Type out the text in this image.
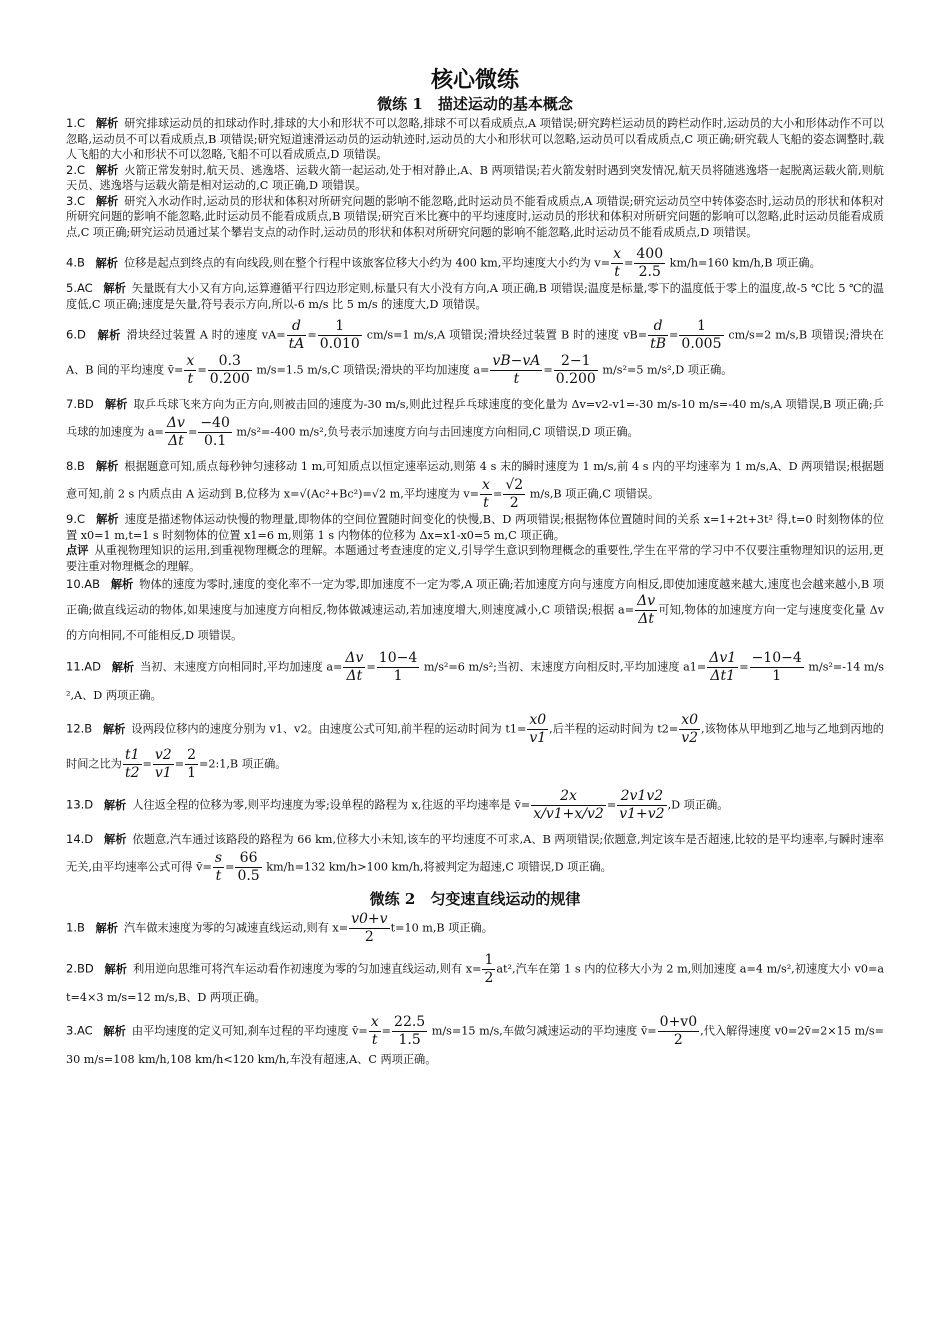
核心微练
微练 1　描述运动的基本概念

1.C 解析 研究排球运动员的扣球动作时,排球的大小和形状不可以忽略,排球不可以看成质点,A 项错误;研究跨栏运动员的跨栏动作时,运动员的大小和形体动作不可以忽略,运动员不可以看成质点,B 项错误;研究短道速滑运动员的运动轨迹时,运动员的大小和形状可以忽略,运动员可以看成质点,C 项正确;研究载人飞船的姿态调整时,载人飞船的大小和形状不可以忽略,飞船不可以看成质点,D 项错误。

2.C 解析 火箭正常发射时,航天员、逃逸塔、运载火箭一起运动,处于相对静止,A、B 两项错误;若火箭发射时遇到突发情况,航天员将随逃逸塔一起脱离运载火箭,则航天员、逃逸塔与运载火箭是相对运动的,C 项正确,D 项错误。

3.C 解析 研究入水动作时,运动员的形状和体积对所研究问题的影响不能忽略,此时运动员不能看成质点,A 项错误;研究运动员空中转体姿态时,运动员的形状和体积对所研究问题的影响不能忽略,此时运动员不能看成质点,B 项错误;研究百米比赛中的平均速度时,运动员的形状和体积对所研究问题的影响可以忽略,此时运动员能看成质点,C 项正确;研究运动员通过某个攀岩支点的动作时,运动员的形状和体积对所研究问题的影响不能忽略,此时运动员不能看成质点,D 项错误。

4.B 解析 位移是起点到终点的有向线段,则在整个行程中该旅客位移大小约为 400 km,平均速度大小约为 $v= \frac{x}{t} = \frac{400}{2.5} km/h=160$ km/h,B 项正确。

5.AC 解析 矢量既有大小又有方向,运算遵循平行四边形定则,标量只有大小没有方向,A 项正确,B 项错误;温度是标量,零下的温度低于零上的温度,故-5 ℃比 5 ℃的温度低,C 项正确;速度是矢量,符号表示方向,所以-6 m/s 比 5 m/s 的速度大,D 项错误。

6.D 解析 滑块经过装置 A 时的速度 $vA= \frac{d}{tA} = \frac{1}{0.010} cm/s=1$ m/s,A 项错误;滑块经过装置 B 时的速度 $vB= \frac{d}{tB} = \frac{1}{0.005} cm/s=2$ m/s,B 项错误;滑块在 A、B 间的平均速度 v̄= $\frac{x}{t} = \frac{0.3}{0.200} m/s=1.5$ m/s,C 项错误;滑块的平均加速度 $a= \frac{vB-vA}{t} = \frac{2-1}{0.200} m/s^2=5$ m/s²,D 项正确。

7.BD 解析 取乒乓球飞来方向为正方向,则被击回的速度为-30 m/s,则此过程乒乓球速度的变化量为 Δv=v2-v1=-30 m/s-10 m/s=-40 m/s,A 项错误,B 项正确;乒乓球的加速度为 $a= \frac{\Delta v}{\Delta t} = \frac{-40}{0.1} m/s^2=-400$ m/s²,负号表示加速度方向与击回速度方向相同,C 项错误,D 项正确。

8.B 解析 根据题意可知,质点每秒钟匀速移动 1 m,可知质点以恒定速率运动,则第 4 s 末的瞬时速度为 1 m/s,前 4 s 内的平均速率为 1 m/s,A、D 两项错误;根据题意可知,前 2 s 内质点由 A 运动到 B,位移为 x=√(Ac²+Bc²)=√2 m,平均速度为 $v= \frac{x}{t} = \frac{√2}{2} m/s,B$ 项正确,C 项错误。

9.C 解析 速度是描述物体运动快慢的物理量,即物体的空间位置随时间变化的快慢,B、D 两项错误;根据物体位置随时间的关系 x=1+2t+3t² 得,t=0 时刻物体的位置 x0=1 m,t=1 s 时刻物体的位置 x1=6 m,则第 1 s 内物体的位移为 Δx=x1-x0=5 m,C 项正确。

点评 从重视物理知识的运用,到重视物理概念的理解。本题通过考查速度的定义,引导学生意识到物理概念的重要性,学生在平常的学习中不仅要注重物理知识的运用,更要注重对物理概念的理解。

10.AB 解析 物体的速度为零时,速度的变化率不一定为零,即加速度不一定为零,A 项正确;若加速度方向与速度方向相反,即使加速度越来越大,速度也会越来越小,B 项正确;做直线运动的物体,如果速度与加速度方向相反,物体做减速运动,若加速度增大,则速度减小,C 项错误;根据 $a= \frac{\Delta v}{\Delta t}$ 可知,物体的加速度方向一定与速度变化量 Δv 的方向相同,不可能相反,D 项错误。

11.AD 解析 当初、末速度方向相同时,平均加速度 $a= \frac{\Delta v}{\Delta t} = \frac{10-4}{1} m/s^2=6$ m/s²;当初、末速度方向相反时,平均加速度 $a1= \frac{\Delta v1}{\Delta t1} = \frac{-10-4}{1} m/s^2=-14$ m/s²,A、D 两项正确。

12.B 解析 设两段位移内的速度分别为 v1、v2。由速度公式可知,前半程的运动时间为 $t1= \frac{x0}{v1}$ ,后半程的运动时间为 $t2= \frac{x0}{v2}$ ,该物体从甲地到乙地与乙地到丙地的时间之比为 $\frac{t1}{t2} = \frac{v2}{v1} = \frac{2}{1}$ =2:1,B 项正确。

13.D 解析 人往返全程的位移为零,则平均速度为零;设单程的路程为 x,往返的平均速率是 v̄= $\frac{2x}{x/v1+x/v2} = \frac{2v1v2}{v1+v2} ,D$ 项正确。

14.D 解析 依题意,汽车通过该路段的路程为 66 km,位移大小未知,该车的平均速度不可求,A、B 两项错误;依题意,判定该车是否超速,比较的是平均速率,与瞬时速率无关,由平均速率公式可得 v̄= $\frac{s}{t} = \frac{66}{0.5} km/h=132$ km/h>100 km/h,将被判定为超速,C 项错误,D 项正确。

微练 2　匀变速直线运动的规律

1.B 解析 汽车做末速度为零的匀减速直线运动,则有 $x= \frac{v0+v}{2} t=10$ m,B 项正确。

2.BD 解析 利用逆向思维可将汽车运动看作初速度为零的匀加速直线运动,则有 $x= \frac{1}{2} at^2$,汽车在第 1 s 内的位移大小为 2 m,则加速度 a=4 m/s²,初速度大小 v0=at=4×3 m/s=12 m/s,B、D 两项正确。

3.AC 解析 由平均速度的定义可知,刹车过程的平均速度 v̄= $\frac{x}{t} = \frac{22.5}{1.5} m/s=15$ m/s,车做匀减速运动的平均速度 v̄= $\frac{0+v0}{2}$ ,代入解得速度 v0=2v̄=2×15 m/s=30 m/s=108 km/h,108 km/h<120 km/h,车没有超速,A、C 两项正确。
